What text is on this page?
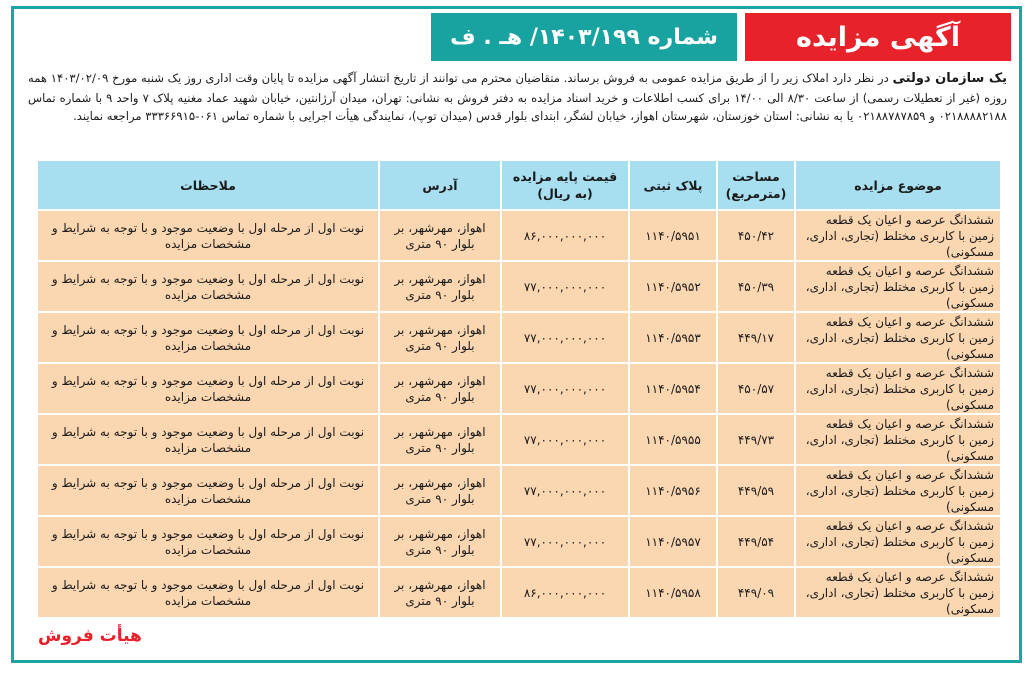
آگهی مزایده
شماره ۱۴۰۳/۱۹۹/ هـ . ف
یک سازمان دولتی در نظر دارد املاک زیر را از طریق مزایده عمومی به فروش برساند. متقاضیان محترم می توانند از تاریخ انتشار آگهی مزایده تا پایان وقت اداری روز یک شنبه مورخ ۱۴۰۳/۰۲/۰۹ همه روزه (غیر از تعطیلات رسمی) از ساعت ۸/۳۰ الی ۱۴/۰۰ برای کسب اطلاعات و خرید اسناد مزایده به دفتر فروش به نشانی: تهران، میدان آرژانتین، خیابان شهید عماد مغنیه پلاک ۷ واحد ۹ با شماره تماس ۰۲۱۸۸۸۸۲۱۸۸ و ۰۲۱۸۸۷۸۷۸۵۹ یا به نشانی: استان خوزستان، شهرستان اهواز، خیابان لشگر، ابتدای بلوار قدس (میدان توپ)، نمایندگی هیأت اجرایی با شماره تماس ۰۶۱-۳۳۳۶۶۹۱۵ مراجعه نمایند.
موضوع مزایده	مساحت (مترمربع)	پلاک ثبتی	قیمت پایه مزایده (به ریال)	آدرس	ملاحظات
ششدانگ عرصه و اعیان یک قطعه زمین با کاربری مختلط (تجاری، اداری، مسکونی)	۴۵۰/۴۲	۱۱۴۰/۵۹۵۱	۸۶,۰۰۰,۰۰۰,۰۰۰	اهواز، مهرشهر، بر بلوار ۹۰ متری	نوبت اول از مرحله اول با وضعیت موجود و با توجه به شرایط و مشخصات مزایده
ششدانگ عرصه و اعیان یک قطعه زمین با کاربری مختلط (تجاری، اداری، مسکونی)	۴۵۰/۳۹	۱۱۴۰/۵۹۵۲	۷۷,۰۰۰,۰۰۰,۰۰۰	اهواز، مهرشهر، بر بلوار ۹۰ متری	نوبت اول از مرحله اول با وضعیت موجود و با توجه به شرایط و مشخصات مزایده
ششدانگ عرصه و اعیان یک قطعه زمین با کاربری مختلط (تجاری، اداری، مسکونی)	۴۴۹/۱۷	۱۱۴۰/۵۹۵۳	۷۷,۰۰۰,۰۰۰,۰۰۰	اهواز، مهرشهر، بر بلوار ۹۰ متری	نوبت اول از مرحله اول با وضعیت موجود و با توجه به شرایط و مشخصات مزایده
ششدانگ عرصه و اعیان یک قطعه زمین با کاربری مختلط (تجاری، اداری، مسکونی)	۴۵۰/۵۷	۱۱۴۰/۵۹۵۴	۷۷,۰۰۰,۰۰۰,۰۰۰	اهواز، مهرشهر، بر بلوار ۹۰ متری	نوبت اول از مرحله اول با وضعیت موجود و با توجه به شرایط و مشخصات مزایده
ششدانگ عرصه و اعیان یک قطعه زمین با کاربری مختلط (تجاری، اداری، مسکونی)	۴۴۹/۷۳	۱۱۴۰/۵۹۵۵	۷۷,۰۰۰,۰۰۰,۰۰۰	اهواز، مهرشهر، بر بلوار ۹۰ متری	نوبت اول از مرحله اول با وضعیت موجود و با توجه به شرایط و مشخصات مزایده
ششدانگ عرصه و اعیان یک قطعه زمین با کاربری مختلط (تجاری، اداری، مسکونی)	۴۴۹/۵۹	۱۱۴۰/۵۹۵۶	۷۷,۰۰۰,۰۰۰,۰۰۰	اهواز، مهرشهر، بر بلوار ۹۰ متری	نوبت اول از مرحله اول با وضعیت موجود و با توجه به شرایط و مشخصات مزایده
ششدانگ عرصه و اعیان یک قطعه زمین با کاربری مختلط (تجاری، اداری، مسکونی)	۴۴۹/۵۴	۱۱۴۰/۵۹۵۷	۷۷,۰۰۰,۰۰۰,۰۰۰	اهواز، مهرشهر، بر بلوار ۹۰ متری	نوبت اول از مرحله اول با وضعیت موجود و با توجه به شرایط و مشخصات مزایده
ششدانگ عرصه و اعیان یک قطعه زمین با کاربری مختلط (تجاری، اداری، مسکونی)	۴۴۹/۰۹	۱۱۴۰/۵۹۵۸	۸۶,۰۰۰,۰۰۰,۰۰۰	اهواز، مهرشهر، بر بلوار ۹۰ متری	نوبت اول از مرحله اول با وضعیت موجود و با توجه به شرایط و مشخصات مزایده
هیأت فروش
